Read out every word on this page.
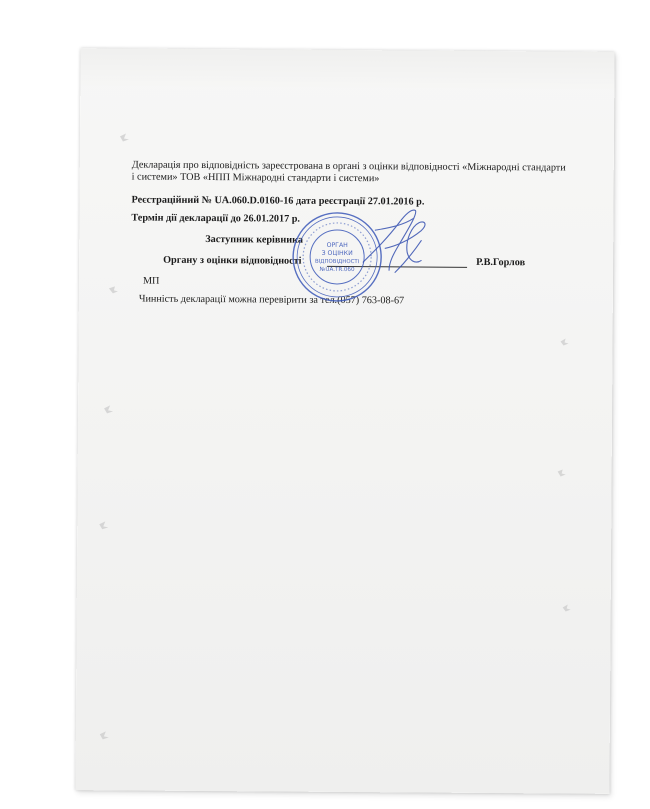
Декларація про відповідність зареєстрована в органі з оцінки відповідності «Міжнародні стандарти
і системи» ТОВ «НПП Міжнародні стандарти і системи»
Реєстраційний № UA.060.D.0160-16 дата реєстрації 27.01.2016 р.
Термін дії декларації до 26.01.2017 р.
Заступник керівника
Органу з оцінки відповідності	Р.В.Горлов
МП
Чинність декларації можна перевірити за тел.(057) 763-08-67
ОРГАН
З ОЦІНКИ
ВІДПОВІДНОСТІ
№UA.TR.060
